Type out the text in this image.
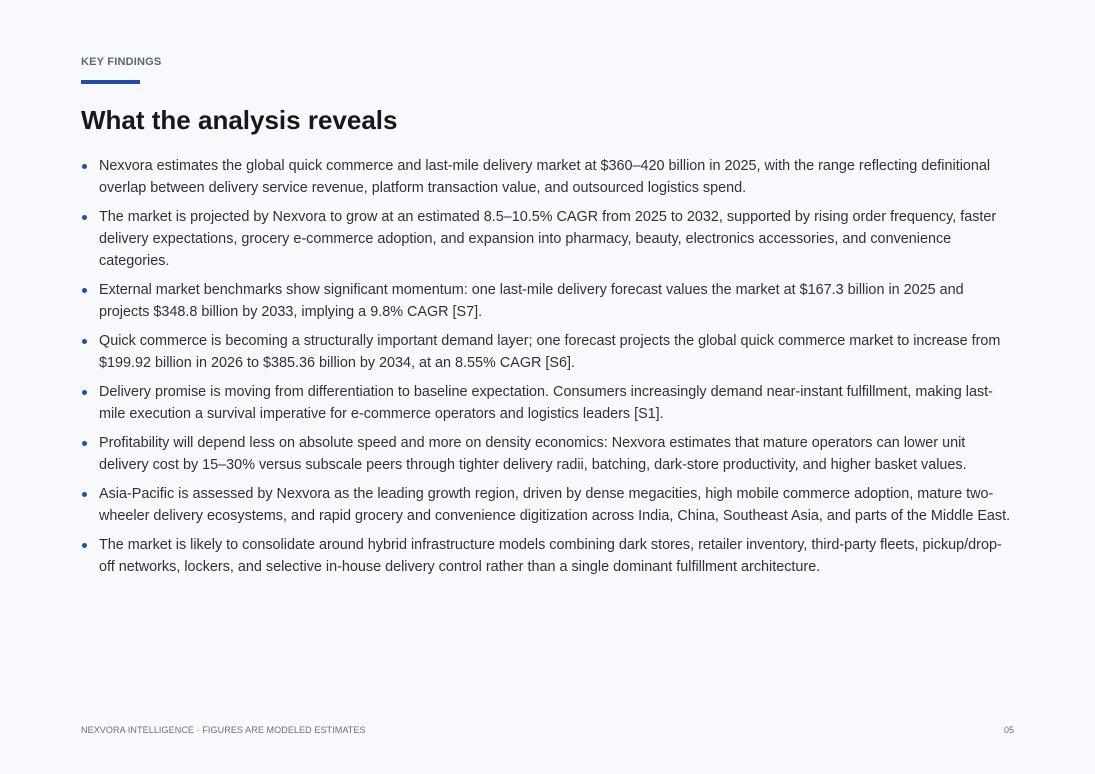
KEY FINDINGS
What the analysis reveals
Nexvora estimates the global quick commerce and last-mile delivery market at $360–420 billion in 2025, with the range reflecting definitional overlap between delivery service revenue, platform transaction value, and outsourced logistics spend.
The market is projected by Nexvora to grow at an estimated 8.5–10.5% CAGR from 2025 to 2032, supported by rising order frequency, faster delivery expectations, grocery e-commerce adoption, and expansion into pharmacy, beauty, electronics accessories, and convenience categories.
External market benchmarks show significant momentum: one last-mile delivery forecast values the market at $167.3 billion in 2025 and projects $348.8 billion by 2033, implying a 9.8% CAGR [S7].
Quick commerce is becoming a structurally important demand layer; one forecast projects the global quick commerce market to increase from $199.92 billion in 2026 to $385.36 billion by 2034, at an 8.55% CAGR [S6].
Delivery promise is moving from differentiation to baseline expectation. Consumers increasingly demand near-instant fulfillment, making last-mile execution a survival imperative for e-commerce operators and logistics leaders [S1].
Profitability will depend less on absolute speed and more on density economics: Nexvora estimates that mature operators can lower unit delivery cost by 15–30% versus subscale peers through tighter delivery radii, batching, dark-store productivity, and higher basket values.
Asia-Pacific is assessed by Nexvora as the leading growth region, driven by dense megacities, high mobile commerce adoption, mature two-wheeler delivery ecosystems, and rapid grocery and convenience digitization across India, China, Southeast Asia, and parts of the Middle East.
The market is likely to consolidate around hybrid infrastructure models combining dark stores, retailer inventory, third-party fleets, pickup/drop-off networks, lockers, and selective in-house delivery control rather than a single dominant fulfillment architecture.
NEXVORA INTELLIGENCE · FIGURES ARE MODELED ESTIMATES	05
